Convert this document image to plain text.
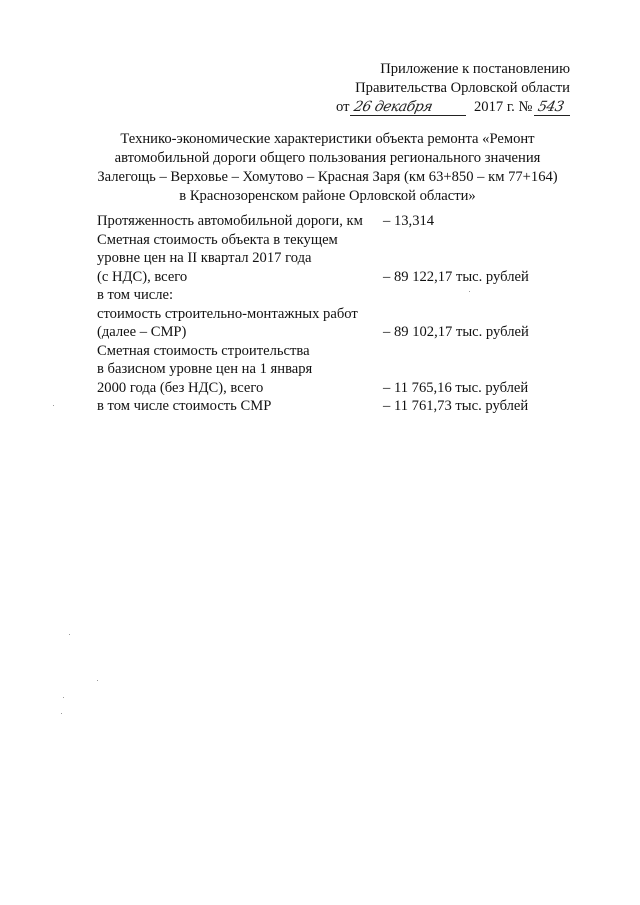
Приложение к постановлению
Правительства Орловской области
от 26 декабря	2017 г. № 543
Технико-экономические характеристики объекта ремонта «Ремонт
автомобильной дороги общего пользования регионального значения
Залегощь – Верховье – Хомутово – Красная Заря (км 63+850 – км 77+164)
в Краснозоренском районе Орловской области»
Протяженность автомобильной дороги, км	– 13,314
Сметная стоимость объекта в текущем
уровне цен на II квартал 2017 года
(с НДС), всего	– 89 122,17 тыс. рублей
в том числе:
стоимость строительно-монтажных работ
(далее – СМР)	– 89 102,17 тыс. рублей
Сметная стоимость строительства
в базисном уровне цен на 1 января
2000 года (без НДС), всего	– 11 765,16 тыс. рублей
в том числе стоимость СМР	– 11 761,73 тыс. рублей
